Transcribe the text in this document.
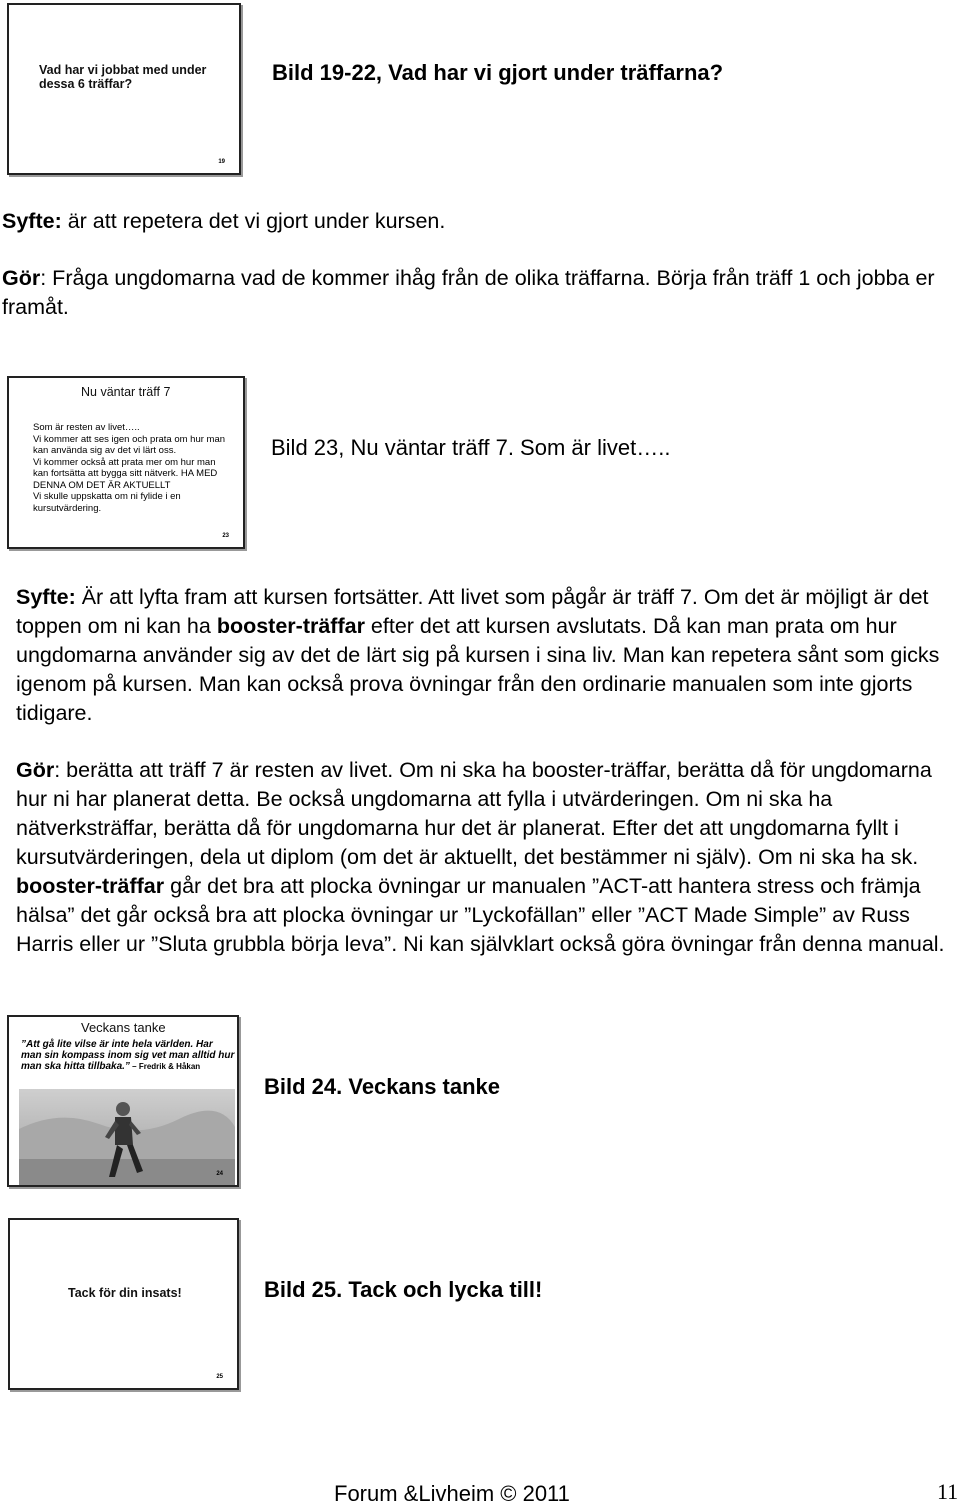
Vad har vi jobbat med under dessa 6 träffar?
19
Bild 19-22, Vad har vi gjort under träffarna?

Syfte: är att repetera det vi gjort under kursen.

Gör: Fråga ungdomarna vad de kommer ihåg från de olika träffarna. Börja från träff 1 och jobba er framåt.

Nu väntar träff 7
Som är resten av livet…..
Vi kommer att ses igen och prata om hur man kan använda sig av det vi lärt oss.
Vi kommer också att prata mer om hur man kan fortsätta att bygga sitt nätverk. HA MED DENNA OM DET ÄR AKTUELLT
Vi skulle uppskatta om ni fylide i en kursutvärdering.
23
Bild 23, Nu väntar träff 7. Som är livet…..

Syfte: Är att lyfta fram att kursen fortsätter. Att livet som pågår är träff 7. Om det är möjligt är det toppen om ni kan ha booster-träffar efter det att kursen avslutats. Då kan man prata om hur ungdomarna använder sig av det de lärt sig på kursen i sina liv. Man kan repetera sånt som gicks igenom på kursen. Man kan också prova övningar från den ordinarie manualen som inte gjorts tidigare.

Gör: berätta att träff 7 är resten av livet. Om ni ska ha booster-träffar, berätta då för ungdomarna hur ni har planerat detta. Be också ungdomarna att fylla i utvärderingen. Om ni ska ha nätverksträffar, berätta då för ungdomarna hur det är planerat. Efter det att ungdomarna fyllt i kursutvärderingen, dela ut diplom (om det är aktuellt, det bestämmer ni själv). Om ni ska ha sk. booster-träffar går det bra att plocka övningar ur manualen ”ACT-att hantera stress och främja hälsa” det går också bra att plocka övningar ur ”Lyckofällan” eller ”ACT Made Simple” av Russ Harris eller ur ”Sluta grubbla börja leva”. Ni kan självklart också göra övningar från denna manual.

Veckans tanke
”Att gå lite vilse är inte hela världen. Har man sin kompass inom sig vet man alltid hur man ska hitta tillbaka.” – Fredrik & Håkan
24
Bild 24. Veckans tanke
Tack för din insats!
25
Bild 25. Tack och lycka till!
Forum &Livheim © 2011	11
